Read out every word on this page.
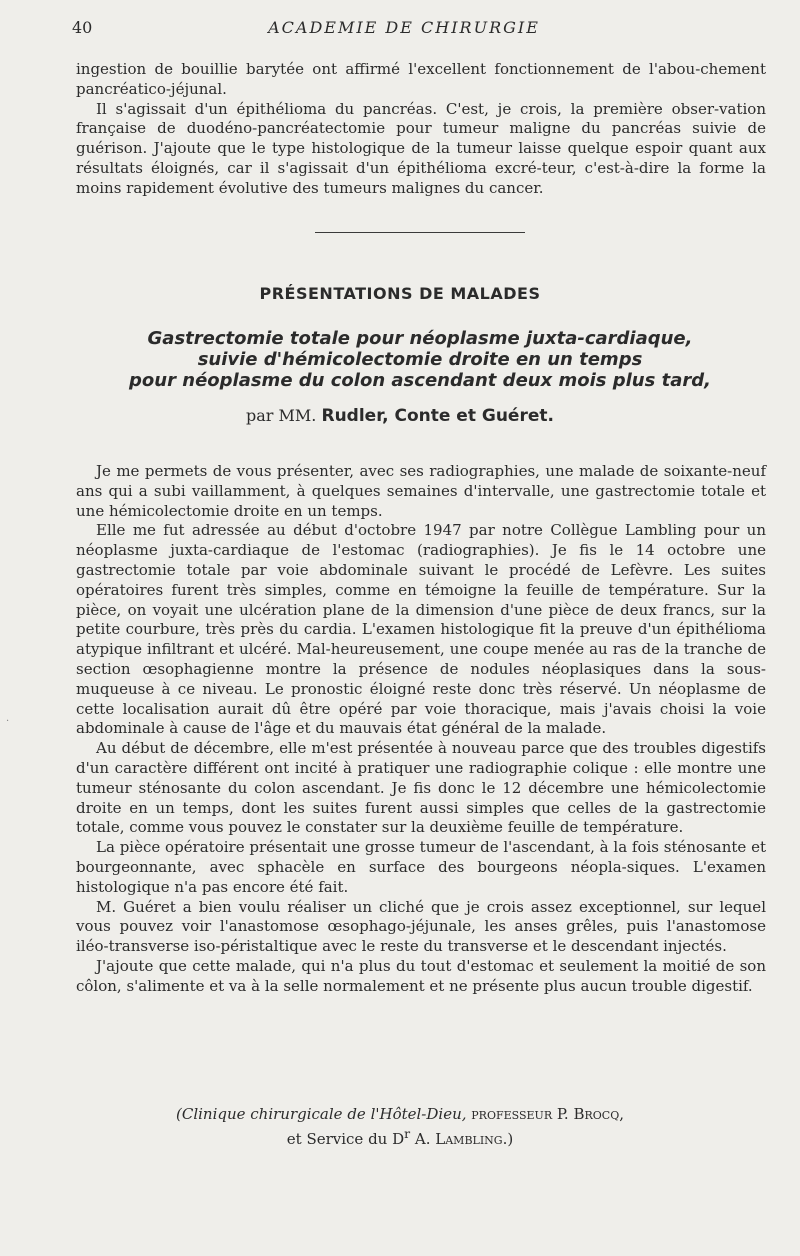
40	ACADEMIE DE CHIRURGIE

ingestion de bouillie barytée ont affirmé l'excellent fonctionnement de l'abou-chement pancréatico-jéjunal.

Il s'agissait d'un épithélioma du pancréas. C'est, je crois, la première obser-vation française de duodéno-pancréatectomie pour tumeur maligne du pancréas suivie de guérison. J'ajoute que le type histologique de la tumeur laisse quelque espoir quant aux résultats éloignés, car il s'agissait d'un épithélioma excré-teur, c'est-à-dire la forme la moins rapidement évolutive des tumeurs malignes du cancer.

PRÉSENTATIONS DE MALADES
Gastrectomie totale pour néoplasme juxta-cardiaque,
suivie d'hémicolectomie droite en un temps
pour néoplasme du colon ascendant deux mois plus tard,
par MM. Rudler, Conte et Guéret.

Je me permets de vous présenter, avec ses radiographies, une malade de soixante-neuf ans qui a subi vaillamment, à quelques semaines d'intervalle, une gastrectomie totale et une hémicolectomie droite en un temps.

Elle me fut adressée au début d'octobre 1947 par notre Collègue Lambling pour un néoplasme juxta-cardiaque de l'estomac (radiographies). Je fis le 14 octobre une gastrectomie totale par voie abdominale suivant le procédé de Lefèvre. Les suites opératoires furent très simples, comme en témoigne la feuille de température. Sur la pièce, on voyait une ulcération plane de la dimension d'une pièce de deux francs, sur la petite courbure, très près du cardia. L'examen histologique fit la preuve d'un épithélioma atypique infiltrant et ulcéré. Mal-heureusement, une coupe menée au ras de la tranche de section œsophagienne montre la présence de nodules néoplasiques dans la sous-muqueuse à ce niveau. Le pronostic éloigné reste donc très réservé. Un néoplasme de cette localisation aurait dû être opéré par voie thoracique, mais j'avais choisi la voie abdominale à cause de l'âge et du mauvais état général de la malade.

Au début de décembre, elle m'est présentée à nouveau parce que des troubles digestifs d'un caractère différent ont incité à pratiquer une radiographie colique : elle montre une tumeur sténosante du colon ascendant. Je fis donc le 12 décembre une hémicolectomie droite en un temps, dont les suites furent aussi simples que celles de la gastrectomie totale, comme vous pouvez le constater sur la deuxième feuille de température.

La pièce opératoire présentait une grosse tumeur de l'ascendant, à la fois sténosante et bourgeonnante, avec sphacèle en surface des bourgeons néopla-siques. L'examen histologique n'a pas encore été fait.

M. Guéret a bien voulu réaliser un cliché que je crois assez exceptionnel, sur lequel vous pouvez voir l'anastomose œsophago-jéjunale, les anses grêles, puis l'anastomose iléo-transverse iso-péristaltique avec le reste du transverse et le descendant injectés.

J'ajoute que cette malade, qui n'a plus du tout d'estomac et seulement la moitié de son côlon, s'alimente et va à la selle normalement et ne présente plus aucun trouble digestif.

(Clinique chirurgicale de l'Hôtel-Dieu, professeur P. Brocq,
et Service du $D^r$ A. Lambling.)
·
